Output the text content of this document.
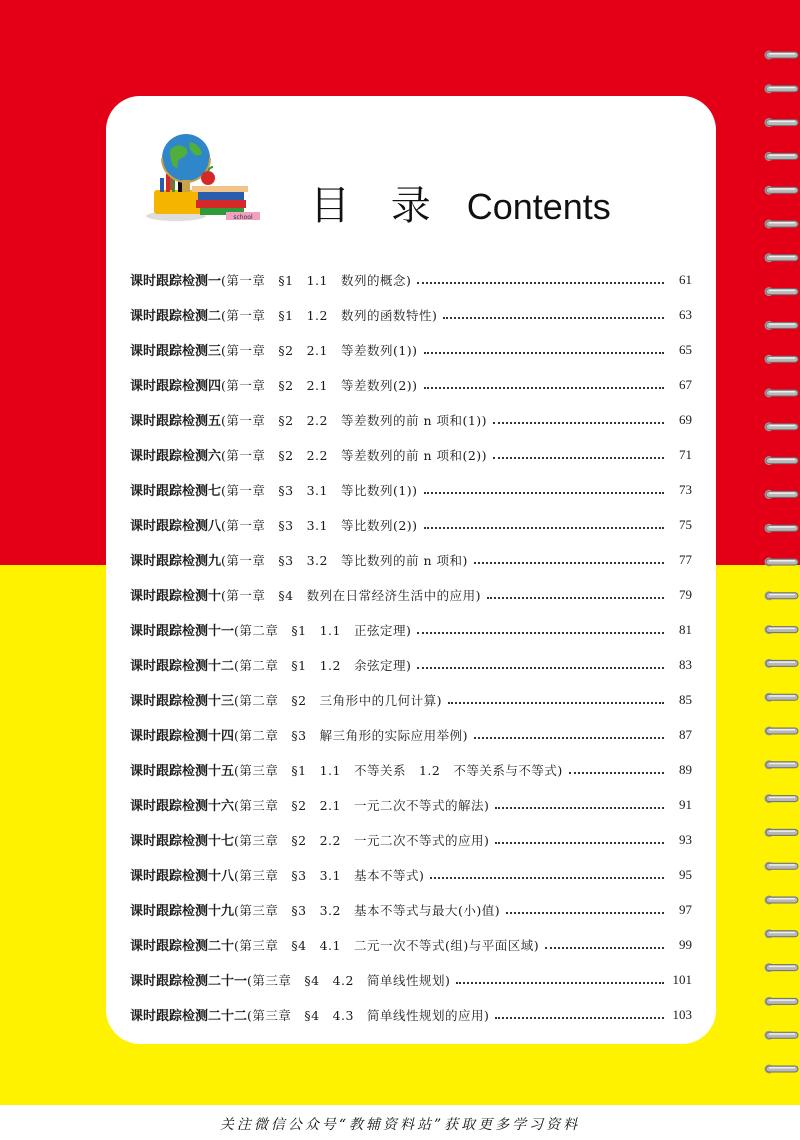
school 目 录 Contents
课时跟踪检测一 (第一章　§1　1.1　数列的概念)	61
课时跟踪检测二 (第一章　§1　1.2　数列的函数特性)	63
课时跟踪检测三 (第一章　§2　2.1　等差数列(1))	65
课时跟踪检测四 (第一章　§2　2.1　等差数列(2))	67
课时跟踪检测五 (第一章　§2　2.2　等差数列的前 n 项和(1))	69
课时跟踪检测六 (第一章　§2　2.2　等差数列的前 n 项和(2))	71
课时跟踪检测七 (第一章　§3　3.1　等比数列(1))	73
课时跟踪检测八 (第一章　§3　3.1　等比数列(2))	75
课时跟踪检测九 (第一章　§3　3.2　等比数列的前 n 项和)	77
课时跟踪检测十 (第一章　§4　数列在日常经济生活中的应用)	79
课时跟踪检测十一 (第二章　§1　1.1　正弦定理)	81
课时跟踪检测十二 (第二章　§1　1.2　余弦定理)	83
课时跟踪检测十三 (第二章　§2　三角形中的几何计算)	85
课时跟踪检测十四 (第二章　§3　解三角形的实际应用举例)	87
课时跟踪检测十五 (第三章　§1　1.1　不等关系　1.2　不等关系与不等式)	89
课时跟踪检测十六 (第三章　§2　2.1　一元二次不等式的解法)	91
课时跟踪检测十七 (第三章　§2　2.2　一元二次不等式的应用)	93
课时跟踪检测十八 (第三章　§3　3.1　基本不等式)	95
课时跟踪检测十九 (第三章　§3　3.2　基本不等式与最大(小)值)	97
课时跟踪检测二十 (第三章　§4　4.1　二元一次不等式(组)与平面区域)	99
课时跟踪检测二十一 (第三章　§4　4.2　简单线性规划)	101
课时跟踪检测二十二 (第三章　§4　4.3　简单线性规划的应用)	103
关注微信公众号“教辅资料站”获取更多学习资料
